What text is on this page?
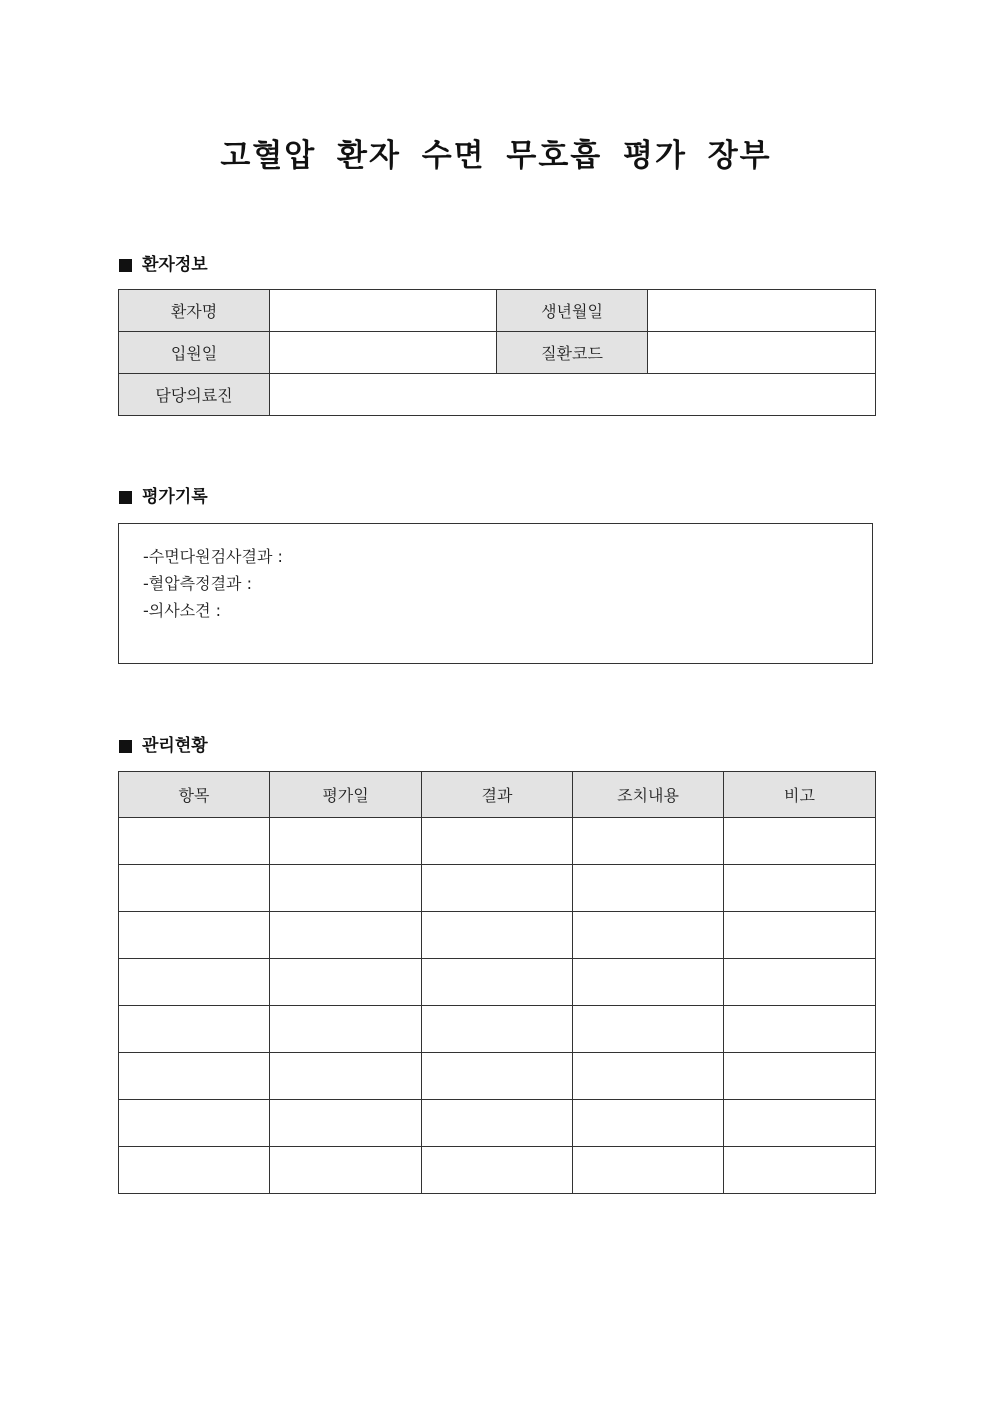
고혈압 환자 수면 무호흡 평가 장부
환자정보
환자명		생년월일	
입원일		질환코드	
담당의료진			
평가기록
-수면다원검사결과 :
-혈압측정결과 :
-의사소견 :
관리현황
항목	평가일	결과	조치내용	비고
